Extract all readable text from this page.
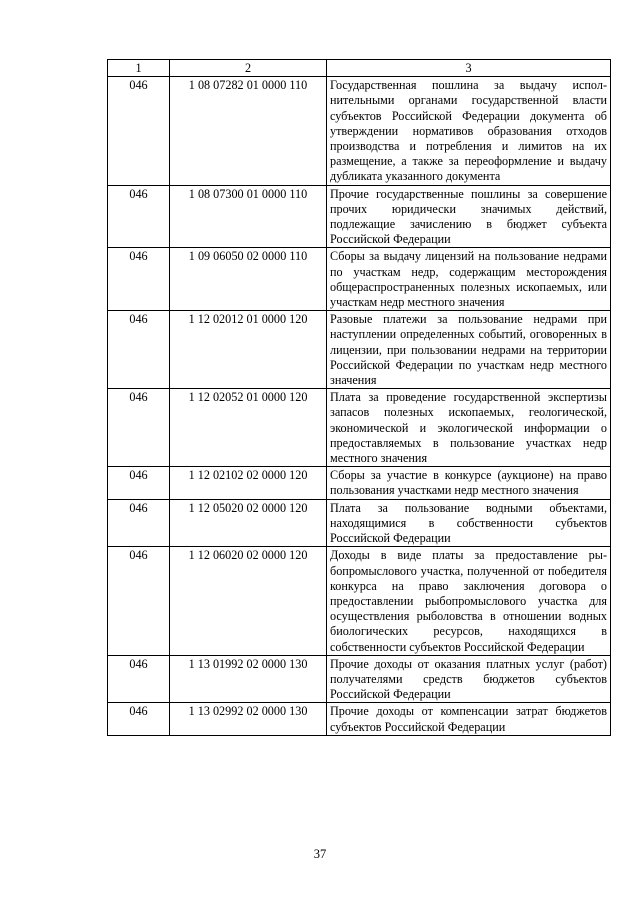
1	2	3
046	1 08 07282 01 0000 110	Государственная пошлина за выдачу исполнительными органами государственной власти субъектов Российской Федерации документа об утверждении нормативов образования отходов производства и потребления и лимитов на их размещение, а также за переоформление и выдачу дубликата указанного документа
046	1 08 07300 01 0000 110	Прочие государственные пошлины за совершение прочих юридически значимых действий, подлежащие зачислению в бюджет субъекта Российской Федерации
046	1 09 06050 02 0000 110	Сборы за выдачу лицензий на пользование недрами по участкам недр, содержащим месторождения общераспространенных полезных ископаемых, или участкам недр местного значения
046	1 12 02012 01 0000 120	Разовые платежи за пользование недрами при наступлении определенных событий, оговоренных в лицензии, при пользовании недрами на территории Российской Федерации по участкам недр местного значения
046	1 12 02052 01 0000 120	Плата за проведение государственной экспертизы запасов полезных ископаемых, геологической, экономической и экологической информации о предоставляемых в пользование участках недр местного значения
046	1 12 02102 02 0000 120	Сборы за участие в конкурсе (аукционе) на право пользования участками недр местного значения
046	1 12 05020 02 0000 120	Плата за пользование водными объектами, находящимися в собственности субъектов Российской Федерации
046	1 12 06020 02 0000 120	Доходы в виде платы за предоставление рыбопромыслового участка, полученной от победителя конкурса на право заключения договора о предоставлении рыбопромыслового участка для осуществления рыболовства в отношении водных биологических ресурсов, находящихся в собственности субъектов Российской Федерации
046	1 13 01992 02 0000 130	Прочие доходы от оказания платных услуг (работ) получателями средств бюджетов субъектов Российской Федерации
046	1 13 02992 02 0000 130	Прочие доходы от компенсации затрат бюджетов субъектов Российской Федерации
37
